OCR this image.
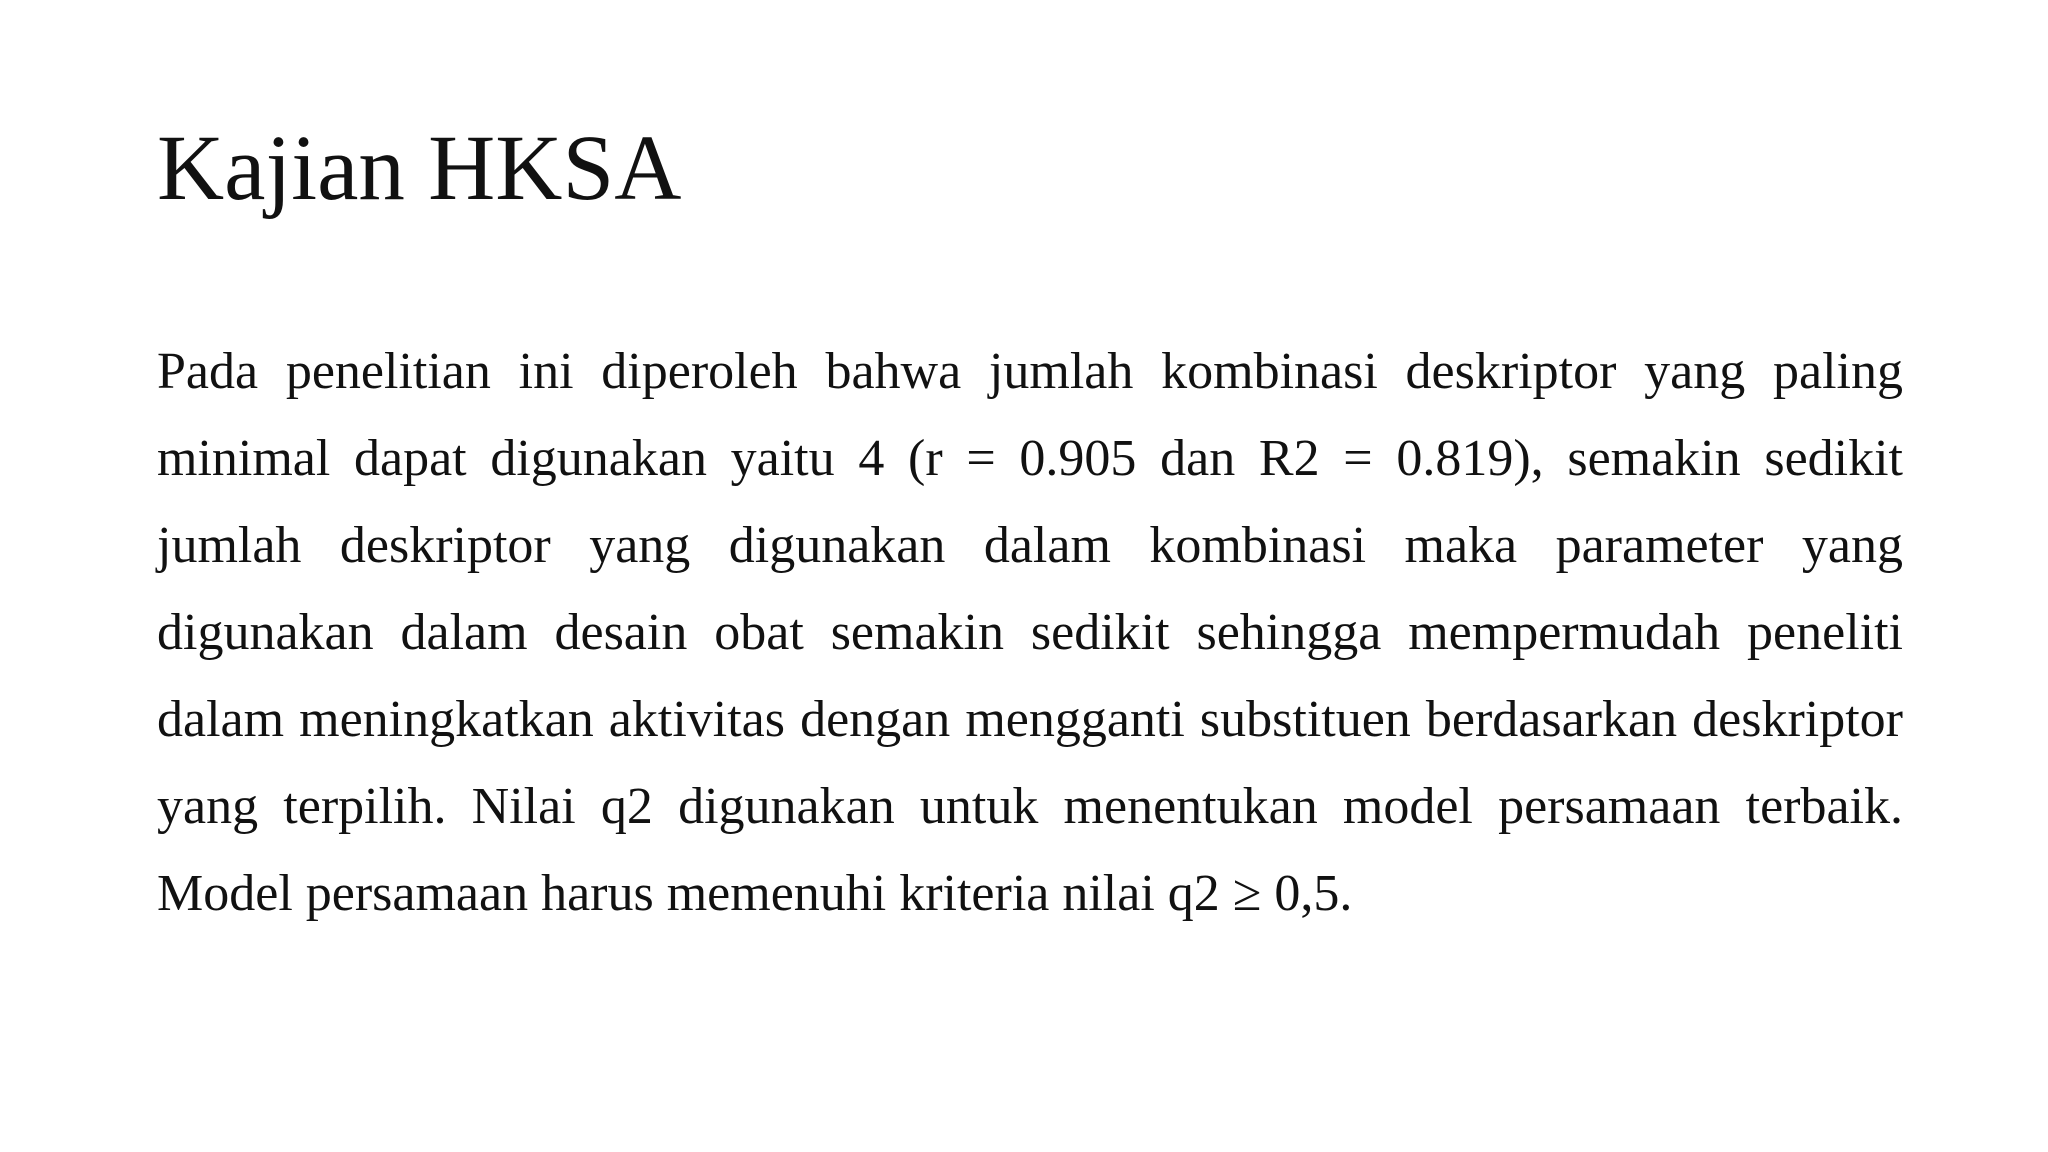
Kajian HKSA

Pada penelitian ini diperoleh bahwa jumlah kombinasi deskriptor yang paling minimal dapat digunakan yaitu 4 (r = 0.905 dan R2 = 0.819), semakin sedikit jumlah deskriptor yang digunakan dalam kombinasi maka parameter yang digunakan dalam desain obat semakin sedikit sehingga mempermudah peneliti dalam meningkatkan aktivitas dengan mengganti substituen berdasarkan deskriptor yang terpilih. Nilai q2 digunakan untuk menentukan model persamaan terbaik. Model persamaan harus memenuhi kriteria nilai q2 ≥ 0,5.
